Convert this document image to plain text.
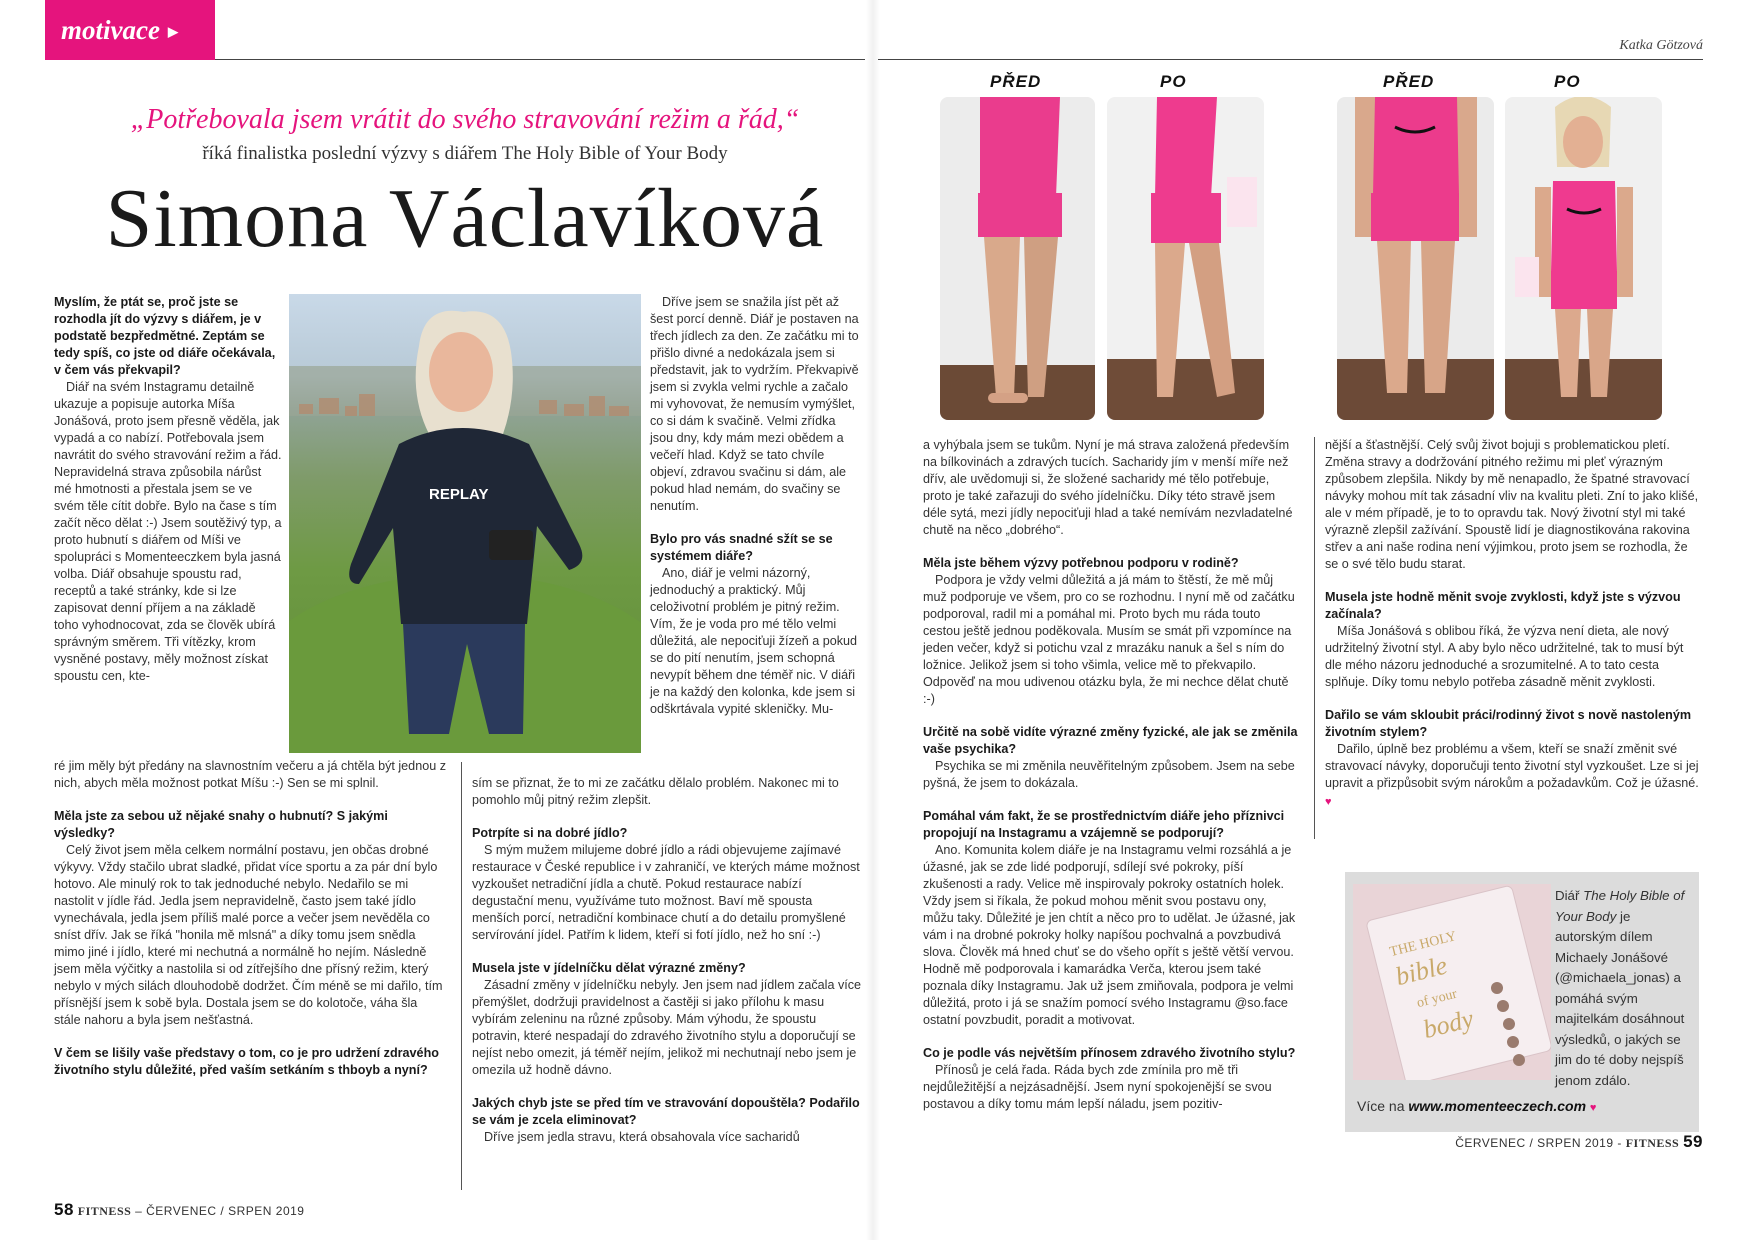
motivace ▶
Katka Götzová
„Potřebovala jsem vrátit do svého stravování režim a řád,“
říká finalistka poslední výzvy s diářem The Holy Bible of Your Body
Simona Václavíková
REPLAY

Myslím, že ptát se, proč jste se rozhodla jít do výzvy s diářem, je v podstatě bezpředmětné. Zeptám se tedy spíš, co jste od diáře očekávala, v čem vás překvapil?

Diář na svém Instagramu detailně ukazuje a popisuje autorka Míša Jonášová, proto jsem přesně věděla, jak vypadá a co nabízí. Potřebovala jsem navrátit do svého stravování režim a řád. Nepravidelná strava způsobila nárůst mé hmotnosti a přestala jsem se ve svém těle cítit dobře. Bylo na čase s tím začít něco dělat :-) Jsem soutěživý typ, a proto hubnutí s diářem od Míši ve spolupráci s Momenteeczkem byla jasná volba. Diář obsahuje spoustu rad, receptů a také stránky, kde si lze zapisovat denní příjem a na základě toho vyhodnocovat, zda se člověk ubírá správným směrem. Tři vítězky, krom vysněné postavy, měly možnost získat spoustu cen, kte-

ré jim měly být předány na slavnostním večeru a já chtěla být jednou z nich, abych měla možnost potkat Míšu :-) Sen se mi splnil.

Měla jste za sebou už nějaké snahy o hubnutí? S jakými výsledky?

Celý život jsem měla celkem normální postavu, jen občas drobné výkyvy. Vždy stačilo ubrat sladké, přidat více sportu a za pár dní bylo hotovo. Ale minulý rok to tak jednoduché nebylo. Nedařilo se mi nastolit v jídle řád. Jedla jsem nepravidelně, často jsem také jídlo vynechávala, jedla jsem příliš malé porce a večer jsem nevěděla co sníst dřív. Jak se říká "honila mě mlsná" a díky tomu jsem snědla mimo jiné i jídlo, které mi nechutná a normálně ho nejím. Následně jsem měla výčitky a nastolila si od zítřejšího dne přísný režim, který nebylo v mých silách dlouhodobě dodržet. Čím méně se mi dařilo, tím přísnější jsem k sobě byla. Dostala jsem se do kolotoče, váha šla stále nahoru a byla jsem nešťastná.

V čem se lišily vaše představy o tom, co je pro udržení zdravého životního stylu důležité, před vaším setkáním s thboyb a nyní?

Dříve jsem se snažila jíst pět až šest porcí denně. Diář je postaven na třech jídlech za den. Ze začátku mi to přišlo divné a nedokázala jsem si představit, jak to vydržím. Překvapivě jsem si zvykla velmi rychle a začalo mi vyhovovat, že nemusím vymýšlet, co si dám k svačině. Velmi zřídka jsou dny, kdy mám mezi obědem a večeří hlad. Když se tato chvíle objeví, zdravou svačinu si dám, ale pokud hlad nemám, do svačiny se nenutím.

Bylo pro vás snadné sžít se se systémem diáře?

Ano, diář je velmi názorný, jednoduchý a praktický. Můj celoživotní problém je pitný režim. Vím, že je voda pro mé tělo velmi důležitá, ale nepociťuji žízeň a pokud se do pití nenutím, jsem schopná nevypít během dne téměř nic. V diáři je na každý den kolonka, kde jsem si odškrtávala vypité skleničky. Mu-

sím se přiznat, že to mi ze začátku dělalo problém. Nakonec mi to pomohlo můj pitný režim zlepšit.

Potrpíte si na dobré jídlo?

S mým mužem milujeme dobré jídlo a rádi objevujeme zajímavé restaurace v České republice i v zahraničí, ve kterých máme možnost vyzkoušet netradiční jídla a chutě. Pokud restaurace nabízí degustační menu, využíváme tuto možnost. Baví mě spousta menších porcí, netradiční kombinace chutí a do detailu promyšlené servírování jídel. Patřím k lidem, kteří si fotí jídlo, než ho sní :-)

Musela jste v jídelníčku dělat výrazné změny?

Zásadní změny v jídelníčku nebyly. Jen jsem nad jídlem začala více přemýšlet, dodržuji pravidelnost a častěji si jako přílohu k masu vybírám zeleninu na různé způsoby. Mám výhodu, že spoustu potravin, které nespadají do zdravého životního stylu a doporučují se nejíst nebo omezit, já téměř nejím, jelikož mi nechutnají nebo jsem je omezila už hodně dávno.

Jakých chyb jste se před tím ve stravování dopouštěla? Podařilo se vám je zcela eliminovat?

Dříve jsem jedla stravu, která obsahovala více sacharidů

58 FITNESS – ČERVENEC / SRPEN 2019
PŘED	PO	PŘED	PO

a vyhýbala jsem se tukům. Nyní je má strava založená především na bílkovinách a zdravých tucích. Sacharidy jím v menší míře než dřív, ale uvědomuji si, že složené sacharidy mé tělo potřebuje, proto je také zařazuji do svého jídelníčku. Díky této stravě jsem déle sytá, mezi jídly nepociťuji hlad a také nemívám nezvladatelné chutě na něco „dobrého“.

Měla jste během výzvy potřebnou podporu v rodině?

Podpora je vždy velmi důležitá a já mám to štěstí, že mě můj muž podporuje ve všem, pro co se rozhodnu. I nyní mě od začátku podporoval, radil mi a pomáhal mi. Proto bych mu ráda touto cestou ještě jednou poděkovala. Musím se smát při vzpomínce na jeden večer, když si potichu vzal z mrazáku nanuk a šel s ním do ložnice. Jelikož jsem si toho všimla, velice mě to překvapilo. Odpověď na mou udivenou otázku byla, že mi nechce dělat chutě :-)

Určitě na sobě vidíte výrazné změny fyzické, ale jak se změnila vaše psychika?

Psychika se mi změnila neuvěřitelným způsobem. Jsem na sebe pyšná, že jsem to dokázala.

Pomáhal vám fakt, že se prostřednictvím diáře jeho příznivci propojují na Instagramu a vzájemně se podporují?

Ano. Komunita kolem diáře je na Instagramu velmi rozsáhlá a je úžasné, jak se zde lidé podporují, sdílejí své pokroky, píší zkušenosti a rady. Velice mě inspirovaly pokroky ostatních holek. Vždy jsem si říkala, že pokud mohou měnit svou postavu ony, můžu taky. Důležité je jen chtít a něco pro to udělat. Je úžasné, jak vám i na drobné pokroky holky napíšou pochvalná a povzbudivá slova. Člověk má hned chuť se do všeho opřít s ještě větší vervou. Hodně mě podporovala i kamarádka Verča, kterou jsem také poznala díky Instagramu. Jak už jsem zmiňovala, podpora je velmi důležitá, proto i já se snažím pomocí svého Instagramu @so.face ostatní povzbudit, poradit a motivovat.

Co je podle vás největším přínosem zdravého životního stylu?

Přínosů je celá řada. Ráda bych zde zmínila pro mě tři nejdůležitější a nejzásadnější. Jsem nyní spokojenější se svou postavou a díky tomu mám lepší náladu, jsem pozitiv-

nější a šťastnější. Celý svůj život bojuji s problematickou pletí. Změna stravy a dodržování pitného režimu mi pleť výrazným způsobem zlepšila. Nikdy by mě nenapadlo, že špatné stravovací návyky mohou mít tak zásadní vliv na kvalitu pleti. Zní to jako klišé, ale v mém případě, je to to opravdu tak. Nový životní styl mi také výrazně zlepšil zažívání. Spoustě lidí je diagnostikována rakovina střev a ani naše rodina není výjimkou, proto jsem se rozhodla, že se o své tělo budu starat.

Musela jste hodně měnit svoje zvyklosti, když jste s výzvou začínala?

Míša Jonášová s oblibou říká, že výzva není dieta, ale nový udržitelný životní styl. A aby bylo něco udržitelné, tak to musí být dle mého názoru jednoduché a srozumitelné. A to tato cesta splňuje. Díky tomu nebylo potřeba zásadně měnit zvyklosti.

Dařilo se vám skloubit práci/rodinný život s nově nastoleným životním stylem?

Dařilo, úplně bez problému a všem, kteří se snaží změnit své stravovací návyky, doporučuji tento životní styl vyzkoušet. Lze si jej upravit a přizpůsobit svým nárokům a požadavkům. Což je úžasné. ♥

THE HOLY
bible
of your
body
Diář The Holy Bible of Your Body je autorským dílem Michaely Jonášové (@michaela_jonas) a pomáhá svým majitelkám dosáhnout výsledků, o jakých se jim do té doby nejspíš jenom zdálo.
Více na www.momenteeczech.com ♥
ČERVENEC / SRPEN 2019 - FITNESS 59
